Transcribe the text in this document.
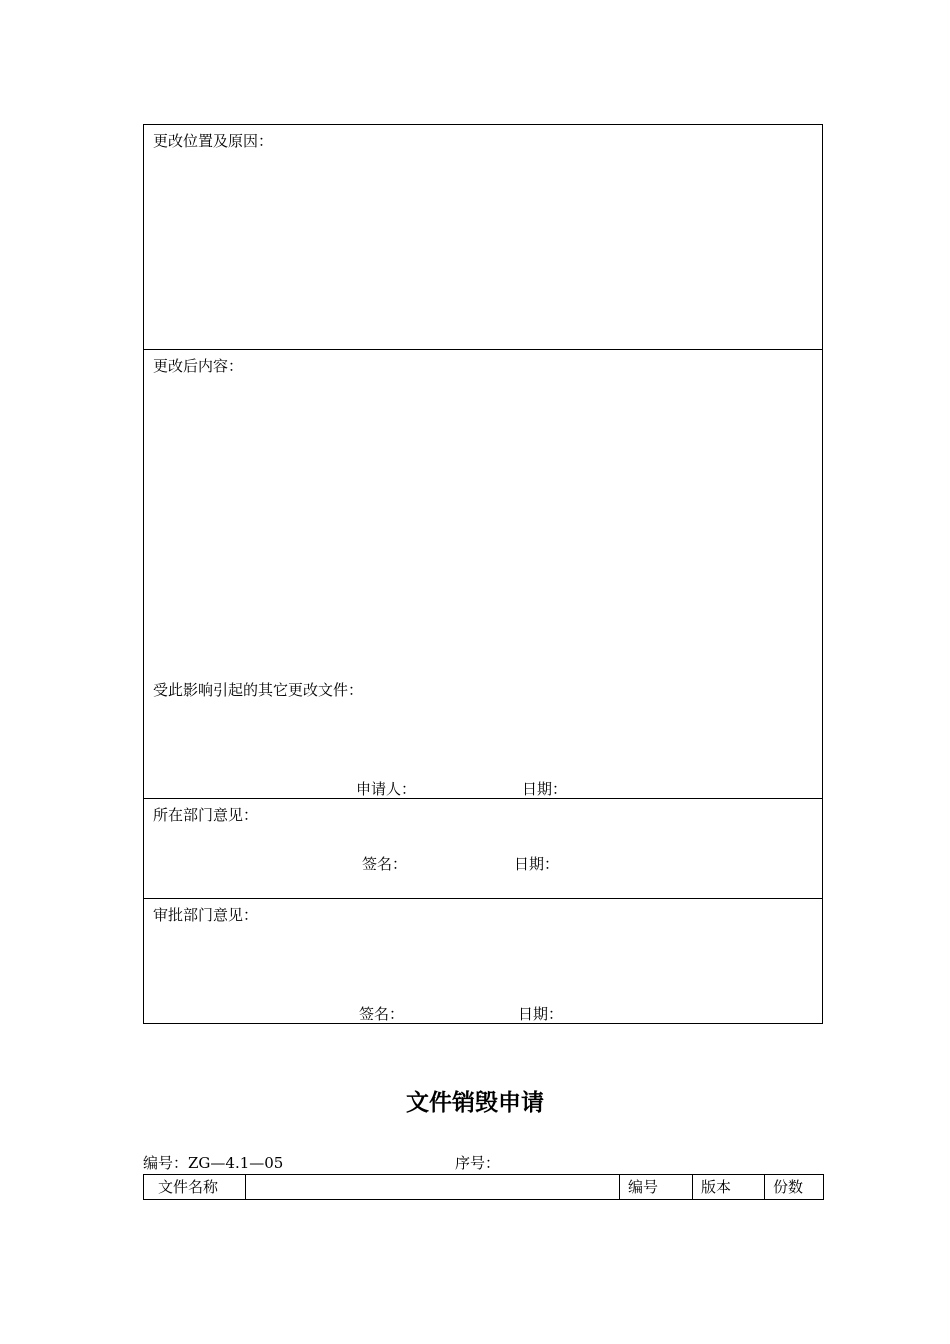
更改位置及原因：
更改后内容：
受此影响引起的其它更改文件：
申请人：	日期：
所在部门意见：
签名：	日期：
审批部门意见：
签名：	日期：
文件销毁申请
编号：ZG—4.1—05	序号：
文件名称		编号	版本	份数
